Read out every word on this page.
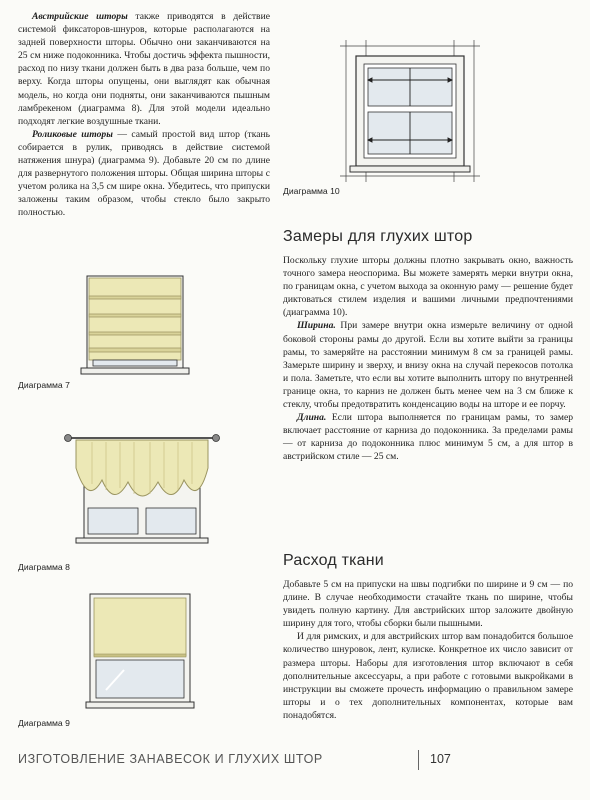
Австрийские шторы также приводятся в действие системой фиксаторов-шнуров, которые располагаются на задней поверхности шторы. Обычно они заканчиваются на 25 см ниже подоконника. Чтобы достичь эффекта пышности, расход по низу ткани должен быть в два раза больше, чем по верху. Когда шторы опущены, они выглядят как обычная модель, но когда они подняты, они заканчиваются пышным ламбрекеном (диаграмма 8). Для этой модели идеально подходят легкие воздушные ткани.

Роликовые шторы — самый простой вид штор (ткань собирается в рулик, приводясь в действие системой натяжения шнура) (диаграмма 9). Добавьте 20 см по длине для развернутого положения шторы. Общая ширина шторы с учетом ролика на 3,5 см шире окна. Убедитесь, что припуски заложены таким образом, чтобы стекло было закрыто полностью.

Диаграмма 7
Диаграмма 8
Диаграмма 9
Диаграмма 10
Замеры для глухих штор

Поскольку глухие шторы должны плотно закрывать окно, важность точного замера неоспорима. Вы можете замерять мерки внутри окна, по границам окна, с учетом выхода за оконную раму — решение будет диктоваться стилем изделия и вашими личными предпочтениями (диаграмма 10).

Ширина. При замере внутри окна измерьте величину от одной боковой стороны рамы до другой. Если вы хотите выйти за границы рамы, то замеряйте на расстоянии минимум 8 см за границей рамы. Замерьте ширину и зверху, и внизу окна на случай перекосов потолка и пола. Заметьте, что если вы хотите выполнить штору по внутренней границе окна, то карниз не должен быть менее чем на 3 см ближе к стеклу, чтобы предотвратить конденсацию воды на шторе и ее порчу.

Длина. Если штора выполняется по границам рамы, то замер включает расстояние от карниза до подоконника. За пределами рамы — от карниза до подоконника плюс минимум 5 см, а для штор в австрийском стиле — 25 см.

Расход ткани

Добавьте 5 см на припуски на швы подгибки по ширине и 9 см — по длине. В случае необходимости стачайте ткань по ширине, чтобы увидеть полную картину. Для австрийских штор заложите двойную ширину для того, чтобы сборки были пышными.

И для римских, и для австрийских штор вам понадобится большое количество шнуровок, лент, кулиске. Конкретное их число зависит от размера шторы. Наборы для изготовления штор включают в себя дополнительные аксессуары, а при работе с готовыми выкройками в инструкции вы сможете прочесть информацию о правильном замере шторы и о тех дополнительных компонентах, которые вам понадобятся.

ИЗГОТОВЛЕНИЕ ЗАНАВЕСОК И ГЛУХИХ ШТОР	107
